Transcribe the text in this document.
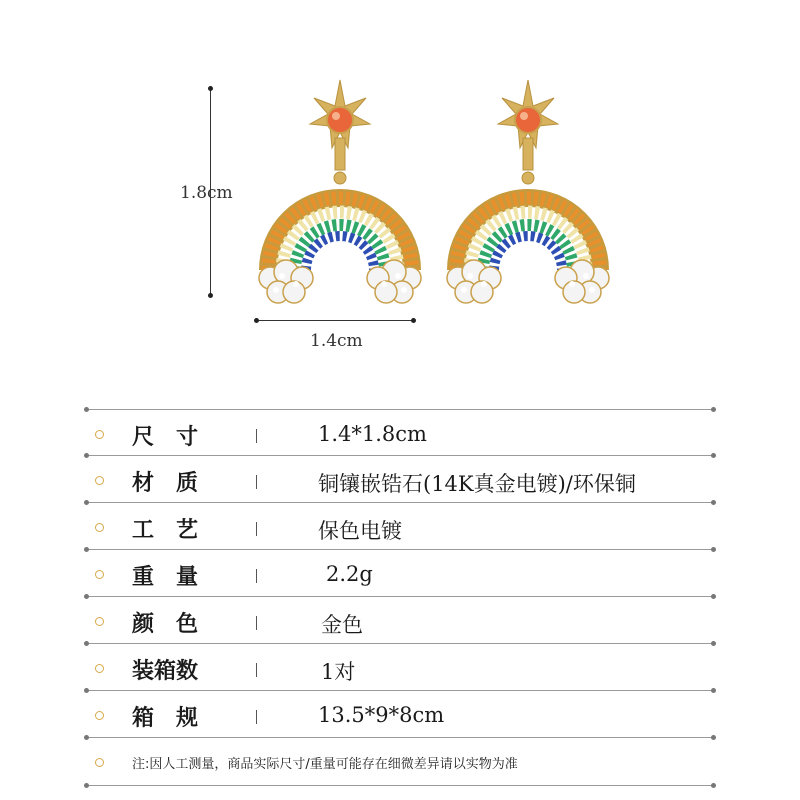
1.8cm
1.4cm
尺　寸	1.4*1.8cm
材　质	铜镶嵌锆石(14K真金电镀)/环保铜
工　艺	保色电镀
重　量	2.2g
颜　色	金色
装箱数	1对
箱　规	13.5*9*8cm
注:因人工测量，商品实际尺寸/重量可能存在细微差异请以实物为准
